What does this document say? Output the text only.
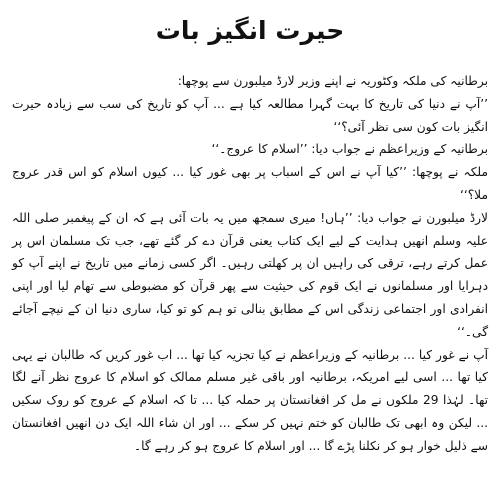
حیرت انگیز بات

برطانیہ کی ملکہ وکٹوریہ نے اپنے وزیر لارڈ میلبورن سے پوچھا:

’’آپ نے دنیا کی تاریخ کا بہت گہرا مطالعہ کیا ہے ... آپ کو تاریخ کی سب سے زیادہ حیرت انگیز بات کون سی نظر آئی؟‘‘

برطانیہ کے وزیراعظم نے جواب دیا: ’’اسلام کا عروج۔‘‘

ملکہ نے پوچھا: ’’کیا آپ نے اس کے اسباب پر بھی غور کیا ... کیوں اسلام کو اس قدر عروج ملا؟‘‘

لارڈ میلبورن نے جواب دیا: ’’ہاں! میری سمجھ میں یہ بات آئی ہے کہ ان کے پیغمبر صلی اللہ علیہ وسلم انھیں ہدایت کے لیے ایک کتاب یعنی قرآن دے کر گئے تھے، جب تک مسلمان اس پر عمل کرتے رہے، ترقی کی راہیں ان پر کھلتی رہیں۔ اگر کسی زمانے میں تاریخ نے اپنے آپ کو دہرایا اور مسلمانوں نے ایک قوم کی حیثیت سے پھر قرآن کو مضبوطی سے تھام لیا اور اپنی انفرادی اور اجتماعی زندگی اس کے مطابق بنالی تو ہم کو تو کیا، ساری دنیا ان کے نیچے آجائے گی۔‘‘

آپ نے غور کیا ... برطانیہ کے وزیراعظم نے کیا تجزیہ کیا تھا ... اب غور کریں کہ طالبان نے یہی کیا تھا ... اسی لیے امریکہ، برطانیہ اور باقی غیر مسلم ممالک کو اسلام کا عروج نظر آنے لگا تھا۔ لہٰذا 29 ملکوں نے مل کر افغانستان پر حملہ کیا ... تا کہ اسلام کے عروج کو روک سکیں ... لیکن وہ ابھی تک طالبان کو ختم نہیں کر سکے ... اور ان شاء اللہ ایک دن انھیں افغانستان سے ذلیل خوار ہو کر نکلنا پڑے گا ... اور اسلام کا عروج ہو کر رہے گا۔
